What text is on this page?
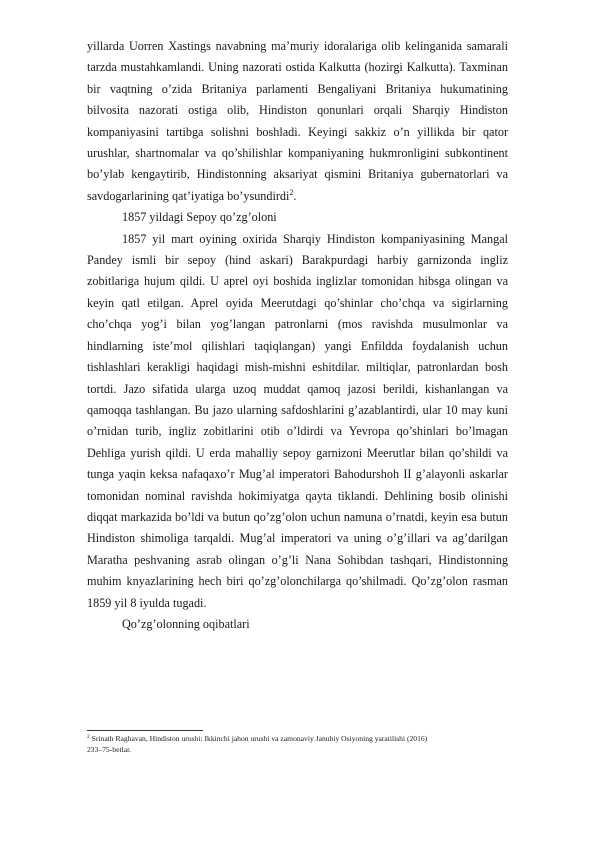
yillarda Uorren Xastings navabning ma’muriy idoralariga olib kelinganida samarali tarzda mustahkamlandi. Uning nazorati ostida Kalkutta (hozirgi Kalkutta). Taxminan bir vaqtning o’zida Britaniya parlamenti Bengaliyani Britaniya hukumatining bilvosita nazorati ostiga olib, Hindiston qonunlari orqali Sharqiy Hindiston kompaniyasini tartibga solishni boshladi. Keyingi sakkiz o’n yillikda bir qator urushlar, shartnomalar va qo’shilishlar kompaniyaning hukmronligini subkontinent bo’ylab kengaytirib, Hindistonning aksariyat qismini Britaniya gubernatorlari va savdogarlarining qat’iyatiga bo’ysundirdi$^2$.

1857 yildagi Sepoy qo’zg’oloni

1857 yil mart oyining oxirida Sharqiy Hindiston kompaniyasining Mangal Pandey ismli bir sepoy (hind askari) Barakpurdagi harbiy garnizonda ingliz zobitlariga hujum qildi. U aprel oyi boshida inglizlar tomonidan hibsga olingan va keyin qatl etilgan. Aprel oyida Meerutdagi qo’shinlar cho’chqa va sigirlarning cho’chqa yog’i bilan yog’langan patronlarni (mos ravishda musulmonlar va hindlarning iste’mol qilishlari taqiqlangan) yangi Enfildda foydalanish uchun tishlashlari kerakligi haqidagi mish-mishni eshitdilar. miltiqlar, patronlardan bosh tortdi. Jazo sifatida ularga uzoq muddat qamoq jazosi berildi, kishanlangan va qamoqqa tashlangan. Bu jazo ularning safdoshlarini g’azablantirdi, ular 10 may kuni o’rnidan turib, ingliz zobitlarini otib o’ldirdi va Yevropa qo’shinlari bo’lmagan Dehliga yurish qildi. U erda mahalliy sepoy garnizoni Meerutlar bilan qo’shildi va tunga yaqin keksa nafaqaxo’r Mug’al imperatori Bahodurshoh II g’alayonli askarlar tomonidan nominal ravishda hokimiyatga qayta tiklandi. Dehlining bosib olinishi diqqat markazida bo’ldi va butun qo’zg’olon uchun namuna o’rnatdi, keyin esa butun Hindiston shimoliga tarqaldi. Mug’al imperatori va uning o’g’illari va ag’darilgan Maratha peshvaning asrab olingan o’g’li Nana Sohibdan tashqari, Hindistonning muhim knyazlarining hech biri qo’zg’olonchilarga qo’shilmadi. Qo’zg’olon rasman 1859 yil 8 iyulda tugadi.

Qo’zg’olonning oqibatlari

$^2$ Srinath Raghavan, Hindiston urushi: Ikkinchi jahon urushi va zamonaviy Janubiy Osiyoning yaratilishi (2016)
233–75-betlar.
